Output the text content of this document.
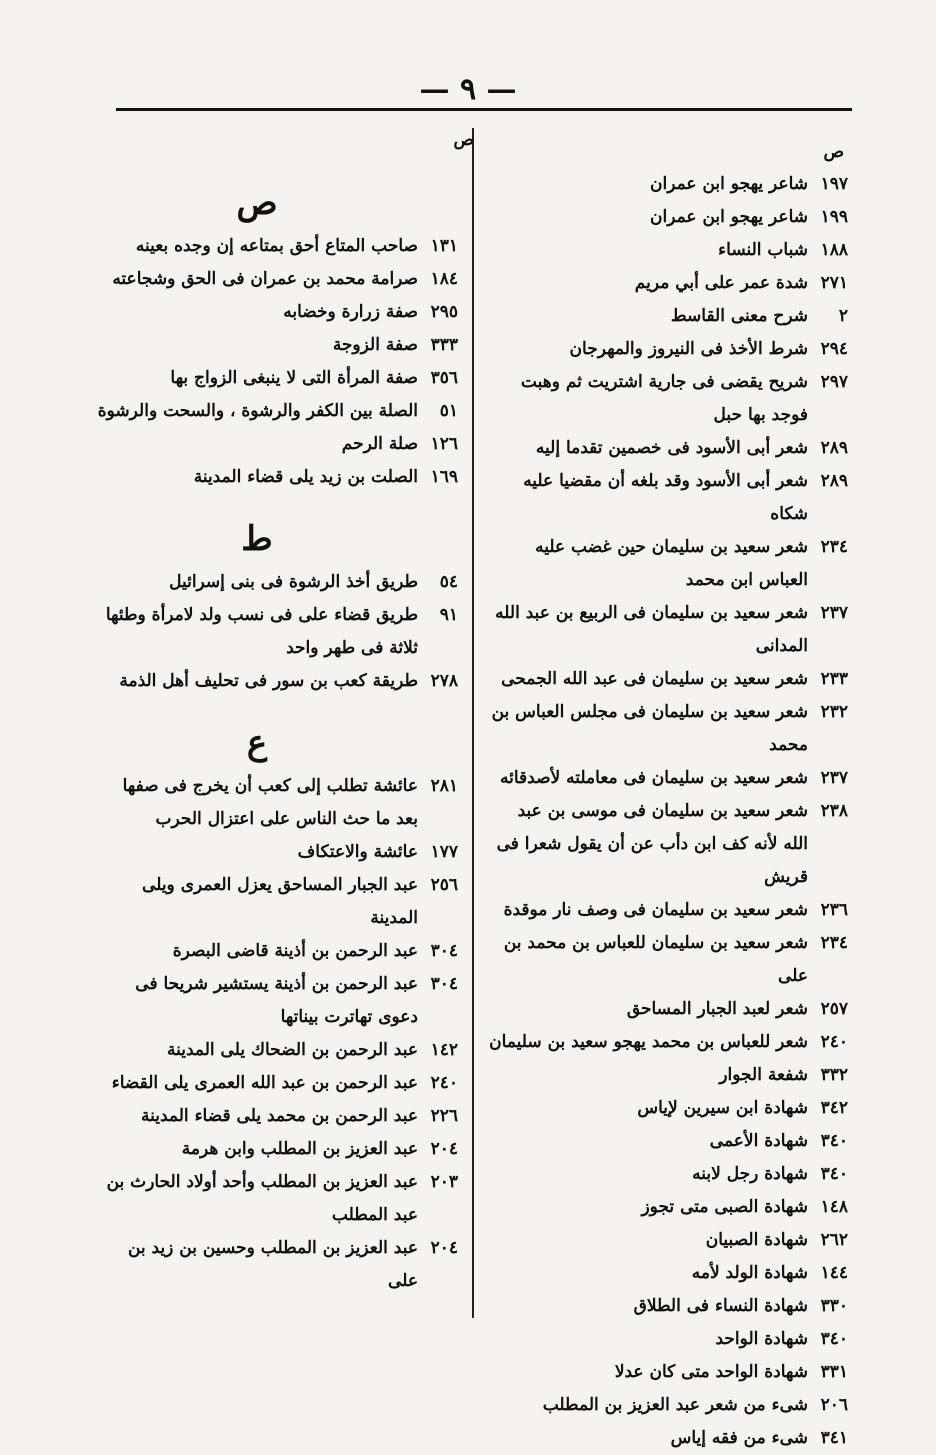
— ٩ —
ص
ص
١٩٧
شاعر يهجو ابن عمران
١٩٩
شاعر يهجو ابن عمران
١٨٨
شباب النساء
٢٧١
شدة عمر على أبي مريم
٢
شرح معنى القاسط
٢٩٤
شرط الأخذ فى النيروز والمهرجان
٢٩٧
شريح يقضى فى جارية اشتريت ثم وهبت فوجد بها حبل
٢٨٩
شعر أبى الأسود فى خصمين تقدما إليه
٢٨٩
شعر أبى الأسود وقد بلغه أن مقضيا عليه شكاه
٢٣٤
شعر سعيد بن سليمان حين غضب عليه العباس ابن محمد
٢٣٧
شعر سعيد بن سليمان فى الربيع بن عبد الله المدانى
٢٣٣
شعر سعيد بن سليمان فى عبد الله الجمحى
٢٣٢
شعر سعيد بن سليمان فى مجلس العباس بن محمد
٢٣٧
شعر سعيد بن سليمان فى معاملته لأصدقائه
٢٣٨
شعر سعيد بن سليمان فى موسى بن عبد الله لأنه كف ابن دأب عن أن يقول شعرا فى قريش
٢٣٦
شعر سعيد بن سليمان فى وصف نار موقدة
٢٣٤
شعر سعيد بن سليمان للعباس بن محمد بن على
٢٥٧
شعر لعبد الجبار المساحق
٢٤٠
شعر للعباس بن محمد يهجو سعيد بن سليمان
٣٣٢
شفعة الجوار
٣٤٢
شهادة ابن سيرين لإياس
٣٤٠
شهادة الأعمى
٣٤٠
شهادة رجل لابنه
١٤٨
شهادة الصبى متى تجوز
٢٦٢
شهادة الصبيان
١٤٤
شهادة الولد لأمه
٣٣٠
شهادة النساء فى الطلاق
٣٤٠
شهادة الواحد
٣٣١
شهادة الواحد متى كان عدلا
٢٠٦
شىء من شعر عبد العزيز بن المطلب
٣٤١
شىء من فقه إياس
ص
١٣١
صاحب المتاع أحق بمتاعه إن وجده بعينه
١٨٤
صرامة محمد بن عمران فى الحق وشجاعته
٢٩٥
صفة زرارة وخضابه
٣٣٣
صفة الزوجة
٣٥٦
صفة المرأة التى لا ينبغى الزواج بها
٥١
الصلة بين الكفر والرشوة ، والسحت والرشوة
١٢٦
صلة الرحم
١٦٩
الصلت بن زيد يلى قضاء المدينة
ط
٥٤
طريق أخذ الرشوة فى بنى إسرائيل
٩١
طريق قضاء على فى نسب ولد لامرأة وطئها ثلاثة فى طهر واحد
٢٧٨
طريقة كعب بن سور فى تحليف أهل الذمة
ع
٢٨١
عائشة تطلب إلى كعب أن يخرج فى صفها بعد ما حث الناس على اعتزال الحرب
١٧٧
عائشة والاعتكاف
٢٥٦
عبد الجبار المساحق يعزل العمرى ويلى المدينة
٣٠٤
عبد الرحمن بن أذينة قاضى البصرة
٣٠٤
عبد الرحمن بن أذينة يستشير شريحا فى دعوى تهاترت بيناتها
١٤٢
عبد الرحمن بن الضحاك يلى المدينة
٢٤٠
عبد الرحمن بن عبد الله العمرى يلى القضاء
٢٢٦
عبد الرحمن بن محمد يلى قضاء المدينة
٢٠٤
عبد العزيز بن المطلب وابن هرمة
٢٠٣
عبد العزيز بن المطلب وأحد أولاد الحارث بن عبد المطلب
٢٠٤
عبد العزيز بن المطلب وحسين بن زيد بن على
